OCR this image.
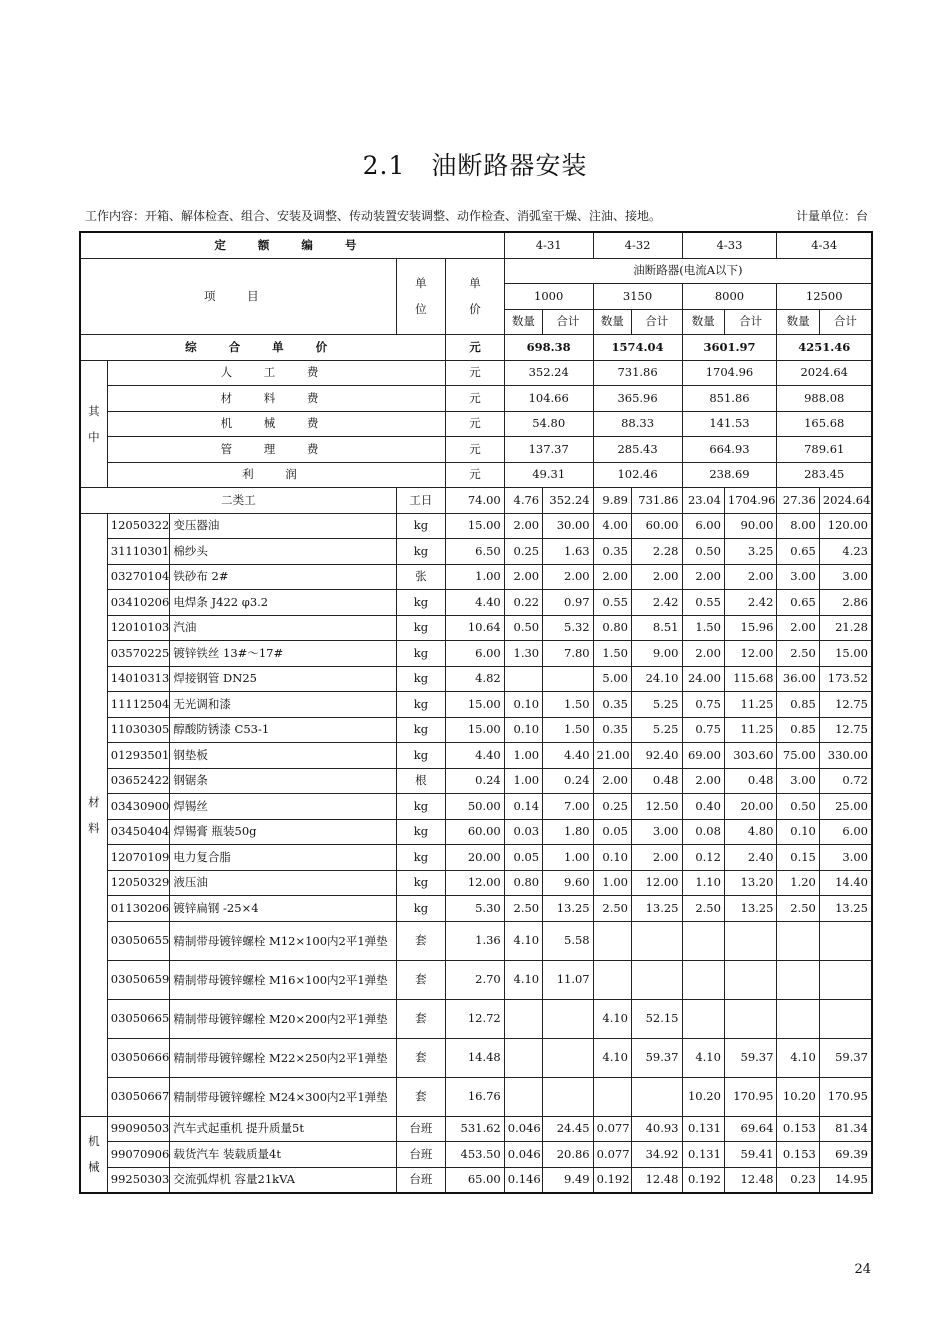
2.1 油断路器安装
工作内容：开箱、解体检查、组合、安装及调整、传动装置安装调整、动作检查、消弧室干燥、注油、接地。	计量单位：台
定 额 编 号					4-31		4-32		4-33		4-34	
项 目			单位	单价	油断路器(电流A以下)							
					1000		3150		8000		12500	
					数量	合计	数量	合计	数量	合计	数量	合计
综 合 单 价				元	698.38		1574.04		3601.97		4251.46	
其中	人 工 费			元	352.24		731.86		1704.96		2024.64	
	材 料 费			元	104.66		365.96		851.86		988.08	
	机 械 费			元	54.80		88.33		141.53		165.68	
	管 理 费			元	137.37		285.43		664.93		789.61	
	利 润			元	49.31		102.46		238.69		283.45	
二类工			工日	74.00	4.76	352.24	9.89	731.86	23.04	1704.96	27.36	2024.64
材料	12050322	变压器油	kg	15.00	2.00	30.00	4.00	60.00	6.00	90.00	8.00	120.00
	31110301	棉纱头	kg	6.50	0.25	1.63	0.35	2.28	0.50	3.25	0.65	4.23
	03270104	铁砂布 2#	张	1.00	2.00	2.00	2.00	2.00	2.00	2.00	3.00	3.00
	03410206	电焊条 J422 φ3.2	kg	4.40	0.22	0.97	0.55	2.42	0.55	2.42	0.65	2.86
	12010103	汽油	kg	10.64	0.50	5.32	0.80	8.51	1.50	15.96	2.00	21.28
	03570225	镀锌铁丝 13#～17#	kg	6.00	1.30	7.80	1.50	9.00	2.00	12.00	2.50	15.00
	14010313	焊接钢管 DN25	kg	4.82			5.00	24.10	24.00	115.68	36.00	173.52
	11112504	无光调和漆	kg	15.00	0.10	1.50	0.35	5.25	0.75	11.25	0.85	12.75
	11030305	醇酸防锈漆 C53-1	kg	15.00	0.10	1.50	0.35	5.25	0.75	11.25	0.85	12.75
	01293501	钢垫板	kg	4.40	1.00	4.40	21.00	92.40	69.00	303.60	75.00	330.00
	03652422	钢锯条	根	0.24	1.00	0.24	2.00	0.48	2.00	0.48	3.00	0.72
	03430900	焊锡丝	kg	50.00	0.14	7.00	0.25	12.50	0.40	20.00	0.50	25.00
	03450404	焊锡膏 瓶装50g	kg	60.00	0.03	1.80	0.05	3.00	0.08	4.80	0.10	6.00
	12070109	电力复合脂	kg	20.00	0.05	1.00	0.10	2.00	0.12	2.40	0.15	3.00
	12050329	液压油	kg	12.00	0.80	9.60	1.00	12.00	1.10	13.20	1.20	14.40
	01130206	镀锌扁钢 -25×4	kg	5.30	2.50	13.25	2.50	13.25	2.50	13.25	2.50	13.25
	03050655	精制带母镀锌螺栓 M12×100内2平1弹垫	套	1.36	4.10	5.58						
	03050659	精制带母镀锌螺栓 M16×100内2平1弹垫	套	2.70	4.10	11.07						
	03050665	精制带母镀锌螺栓 M20×200内2平1弹垫	套	12.72			4.10	52.15				
	03050666	精制带母镀锌螺栓 M22×250内2平1弹垫	套	14.48			4.10	59.37	4.10	59.37	4.10	59.37
	03050667	精制带母镀锌螺栓 M24×300内2平1弹垫	套	16.76					10.20	170.95	10.20	170.95
机械	99090503	汽车式起重机 提升质量5t	台班	531.62	0.046	24.45	0.077	40.93	0.131	69.64	0.153	81.34
	99070906	载货汽车 装载质量4t	台班	453.50	0.046	20.86	0.077	34.92	0.131	59.41	0.153	69.39
	99250303	交流弧焊机 容量21kVA	台班	65.00	0.146	9.49	0.192	12.48	0.192	12.48	0.23	14.95
24
